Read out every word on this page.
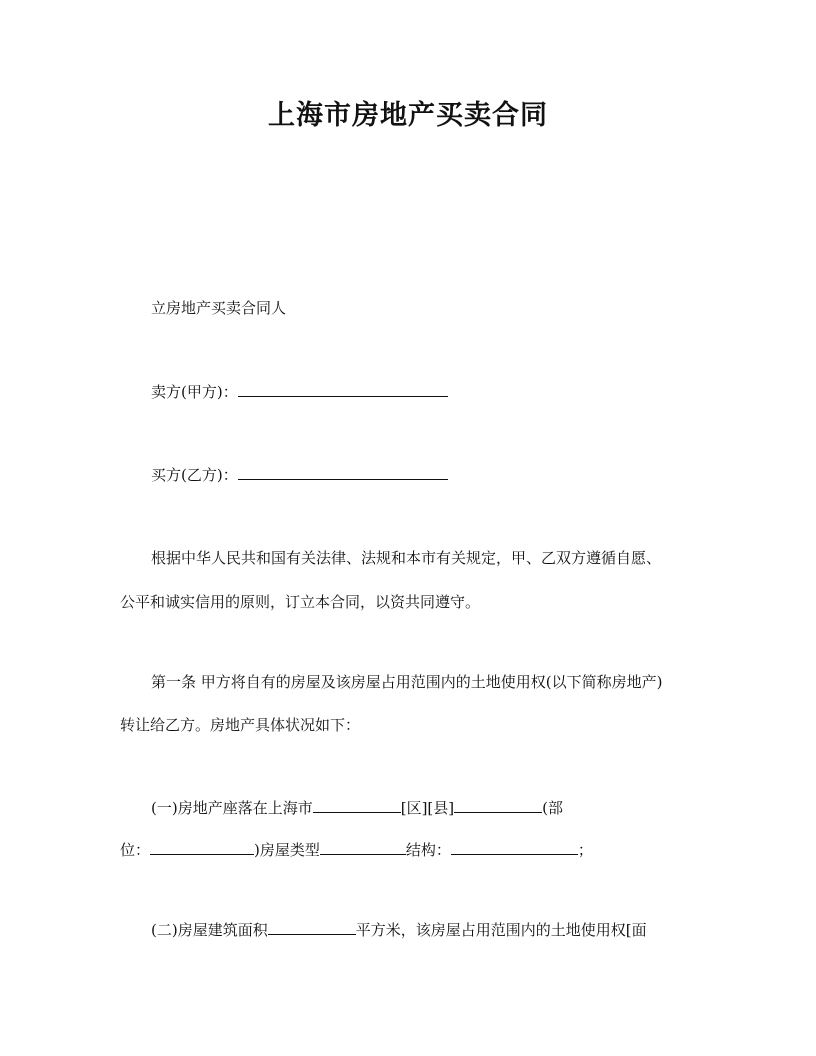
上海市房地产买卖合同
立房地产买卖合同人
卖方(甲方)：
买方(乙方)：
根据中华人民共和国有关法律、法规和本市有关规定，甲、乙双方遵循自愿、
公平和诚实信用的原则，订立本合同，以资共同遵守。
第一条 甲方将自有的房屋及该房屋占用范围内的土地使用权(以下简称房地产)
转让给乙方。房地产具体状况如下：
(一)房地产座落在上海市	[区][县]	(部
位：	)房屋类型	结构：	；
(二)房屋建筑面积	平方米，该房屋占用范围内的土地使用权[面
